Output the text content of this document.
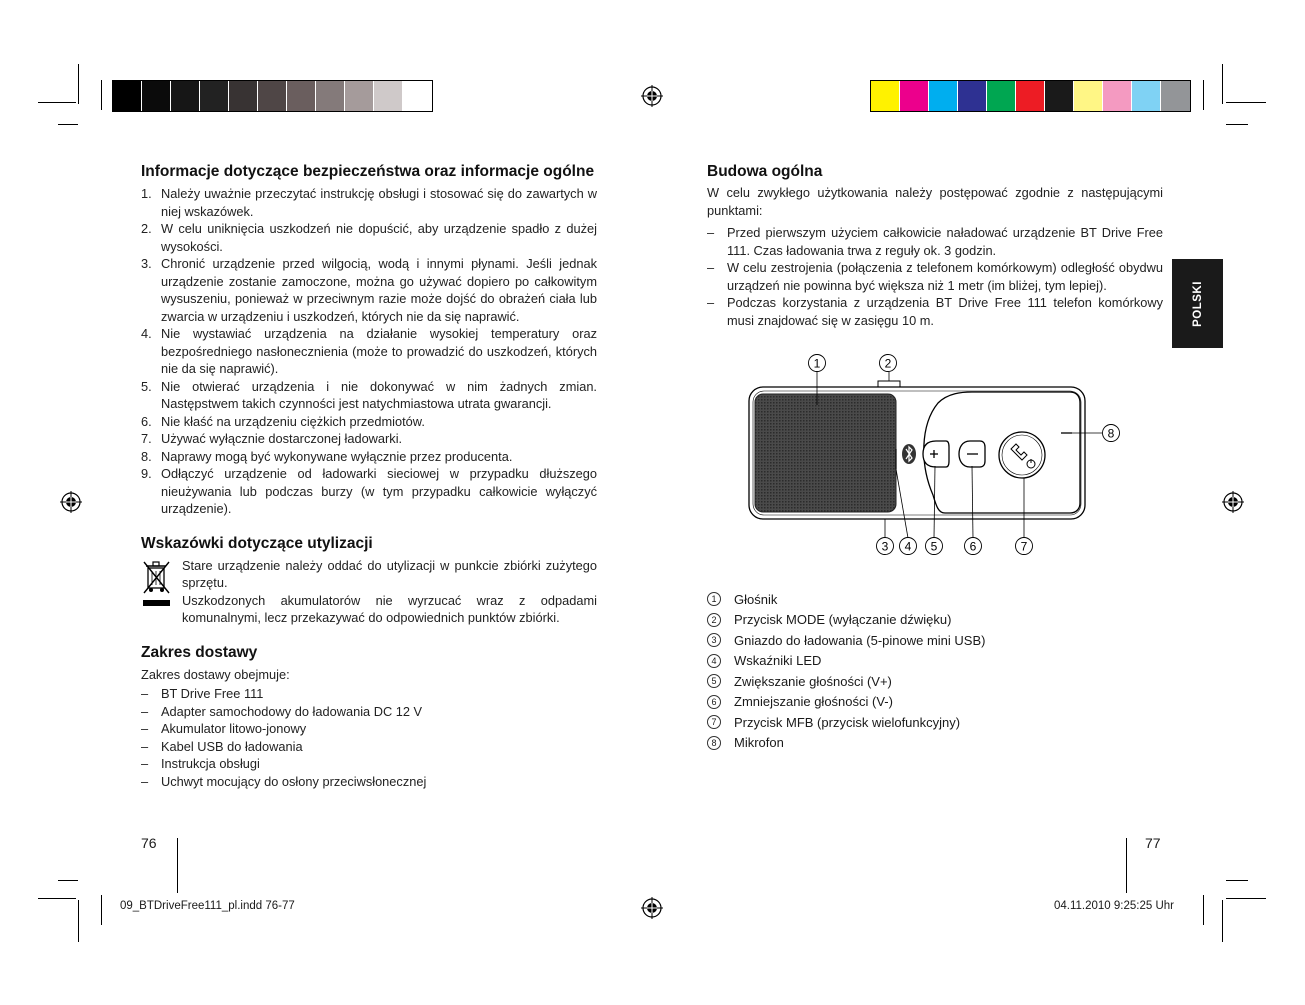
Informacje dotyczące bezpieczeństwa oraz informacje ogólne
1. Należy uważnie przeczytać instrukcję obsługi i stosować się do zawartych w niej wskazówek.
2. W celu uniknięcia uszkodzeń nie dopuścić, aby urządzenie spadło z dużej wysokości.
3. Chronić urządzenie przed wilgocią, wodą i innymi płynami. Jeśli jednak urządzenie zostanie zamoczone, można go używać dopiero po całkowitym wysuszeniu, ponieważ w przeciwnym razie może dojść do obrażeń ciała lub zwarcia w urządzeniu i uszkodzeń, których nie da się naprawić.
4. Nie wystawiać urządzenia na działanie wysokiej temperatury oraz bezpośredniego nasłonecznienia (może to prowadzić do uszkodzeń, których nie da się naprawić).
5. Nie otwierać urządzenia i nie dokonywać w nim żadnych zmian. Następstwem takich czynności jest natychmiastowa utrata gwarancji.
6. Nie kłaść na urządzeniu ciężkich przedmiotów.
7. Używać wyłącznie dostarczonej ładowarki.
8. Naprawy mogą być wykonywane wyłącznie przez producenta.
9. Odłączyć urządzenie od ładowarki sieciowej w przypadku dłuższego nieużywania lub podczas burzy (w tym przypadku całkowicie wyłączyć urządzenie).
Wskazówki dotyczące utylizacji
Stare urządzenie należy oddać do utylizacji w punkcie zbiórki zużytego sprzętu.
Uszkodzonych akumulatorów nie wyrzucać wraz z odpadami komunalnymi, lecz przekazywać do odpowiednich punktów zbiórki.
Zakres dostawy
Zakres dostawy obejmuje:
– BT Drive Free 111
– Adapter samochodowy do ładowania DC 12 V
– Akumulator litowo-jonowy
– Kabel USB do ładowania
– Instrukcja obsługi
– Uchwyt mocujący do osłony przeciwsłonecznej
76
09_BTDriveFree111_pl.indd 76-77
Budowa ogólna
W celu zwykłego użytkowania należy postępować zgodnie z następującymi punktami:
– Przed pierwszym użyciem całkowicie naładować urządzenie BT Drive Free 111. Czas ładowania trwa z reguły ok. 3 godzin.
– W celu zestrojenia (połączenia z telefonem komórkowym) odległość obydwu urządzeń nie powinna być większa niż 1 metr (im bliżej, tym lepiej).
– Podczas korzystania z urządzenia BT Drive Free 111 telefon komórkowy musi znajdować się w zasięgu 10 m.	POLSKI
1	2
3 4 5	6	7
8
1	Głośnik
2	Przycisk MODE (wyłączanie dźwięku)
3	Gniazdo do ładowania (5-pinowe mini USB)
4	Wskaźniki LED
5	Zwiększanie głośności (V+)
6	Zmniejszanie głośności (V-)
7	Przycisk MFB (przycisk wielofunkcyjny)
8	Mikrofon
77
04.11.2010 9:25:25 Uhr
